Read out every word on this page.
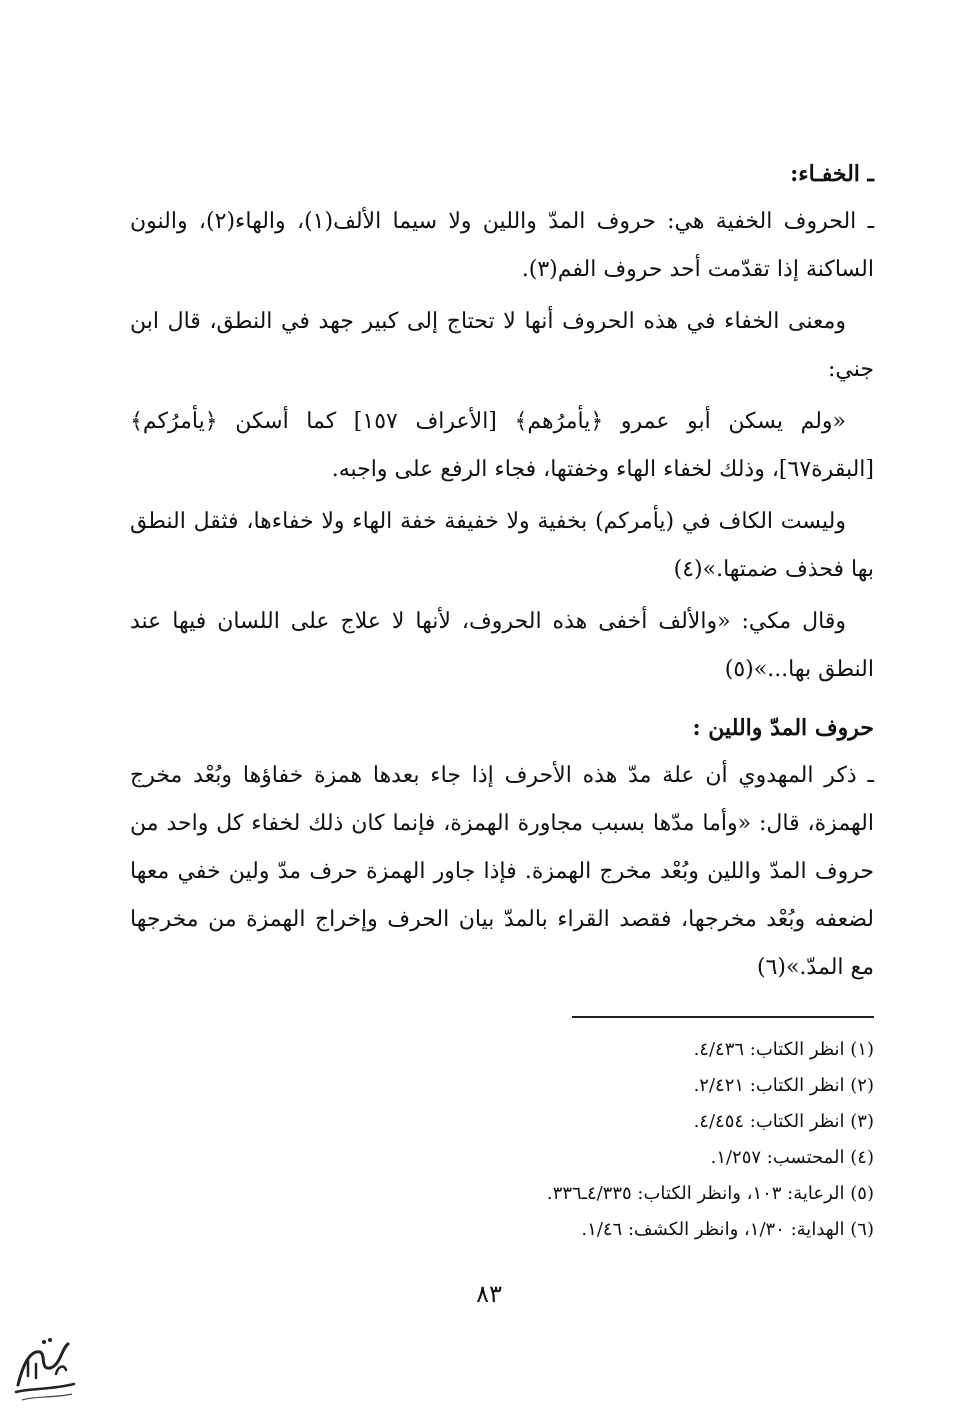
ـ الخفـاء:

ـ الحروف الخفية هي: حروف المدّ واللين ولا سيما الألف(١)، والهاء(٢)، والنون الساكنة إذا تقدّمت أحد حروف الفم(٣).

ومعنى الخفاء في هذه الحروف أنها لا تحتاج إلى كبير جهد في النطق، قال ابن جني:

«ولم يسكن أبو عمرو ﴿يأمرُهم﴾ [الأعراف ١٥٧] كما أسكن ﴿يأمرُكم﴾ [البقرة٦٧]، وذلك لخفاء الهاء وخفتها، فجاء الرفع على واجبه.

وليست الكاف في (يأمركم) بخفية ولا خفيفة خفة الهاء ولا خفاءها، فثقل النطق بها فحذف ضمتها.»(٤)

وقال مكي: «والألف أخفى هذه الحروف، لأنها لا علاج على اللسان فيها عند النطق بها...»(٥)

حروف المدّ واللين :

ـ ذكر المهدوي أن علة مدّ هذه الأحرف إذا جاء بعدها همزة خفاؤها وبُعْد مخرج الهمزة، قال: «وأما مدّها بسبب مجاورة الهمزة، فإنما كان ذلك لخفاء كل واحد من حروف المدّ واللين وبُعْد مخرج الهمزة. فإذا جاور الهمزة حرف مدّ ولين خفي معها لضعفه وبُعْد مخرجها، فقصد القراء بالمدّ بيان الحرف وإخراج الهمزة من مخرجها مع المدّ.»(٦)

(١) انظر الكتاب: ٤/٤٣٦.

(٢) انظر الكتاب: ٢/٤٢١.

(٣) انظر الكتاب: ٤/٤٥٤.

(٤) المحتسب: ١/٢٥٧.

(٥) الرعاية: ١٠٣، وانظر الكتاب: ٤/٣٣٥ـ٣٣٦.

(٦) الهداية: ١/٣٠، وانظر الكشف: ١/٤٦.

٨٣
